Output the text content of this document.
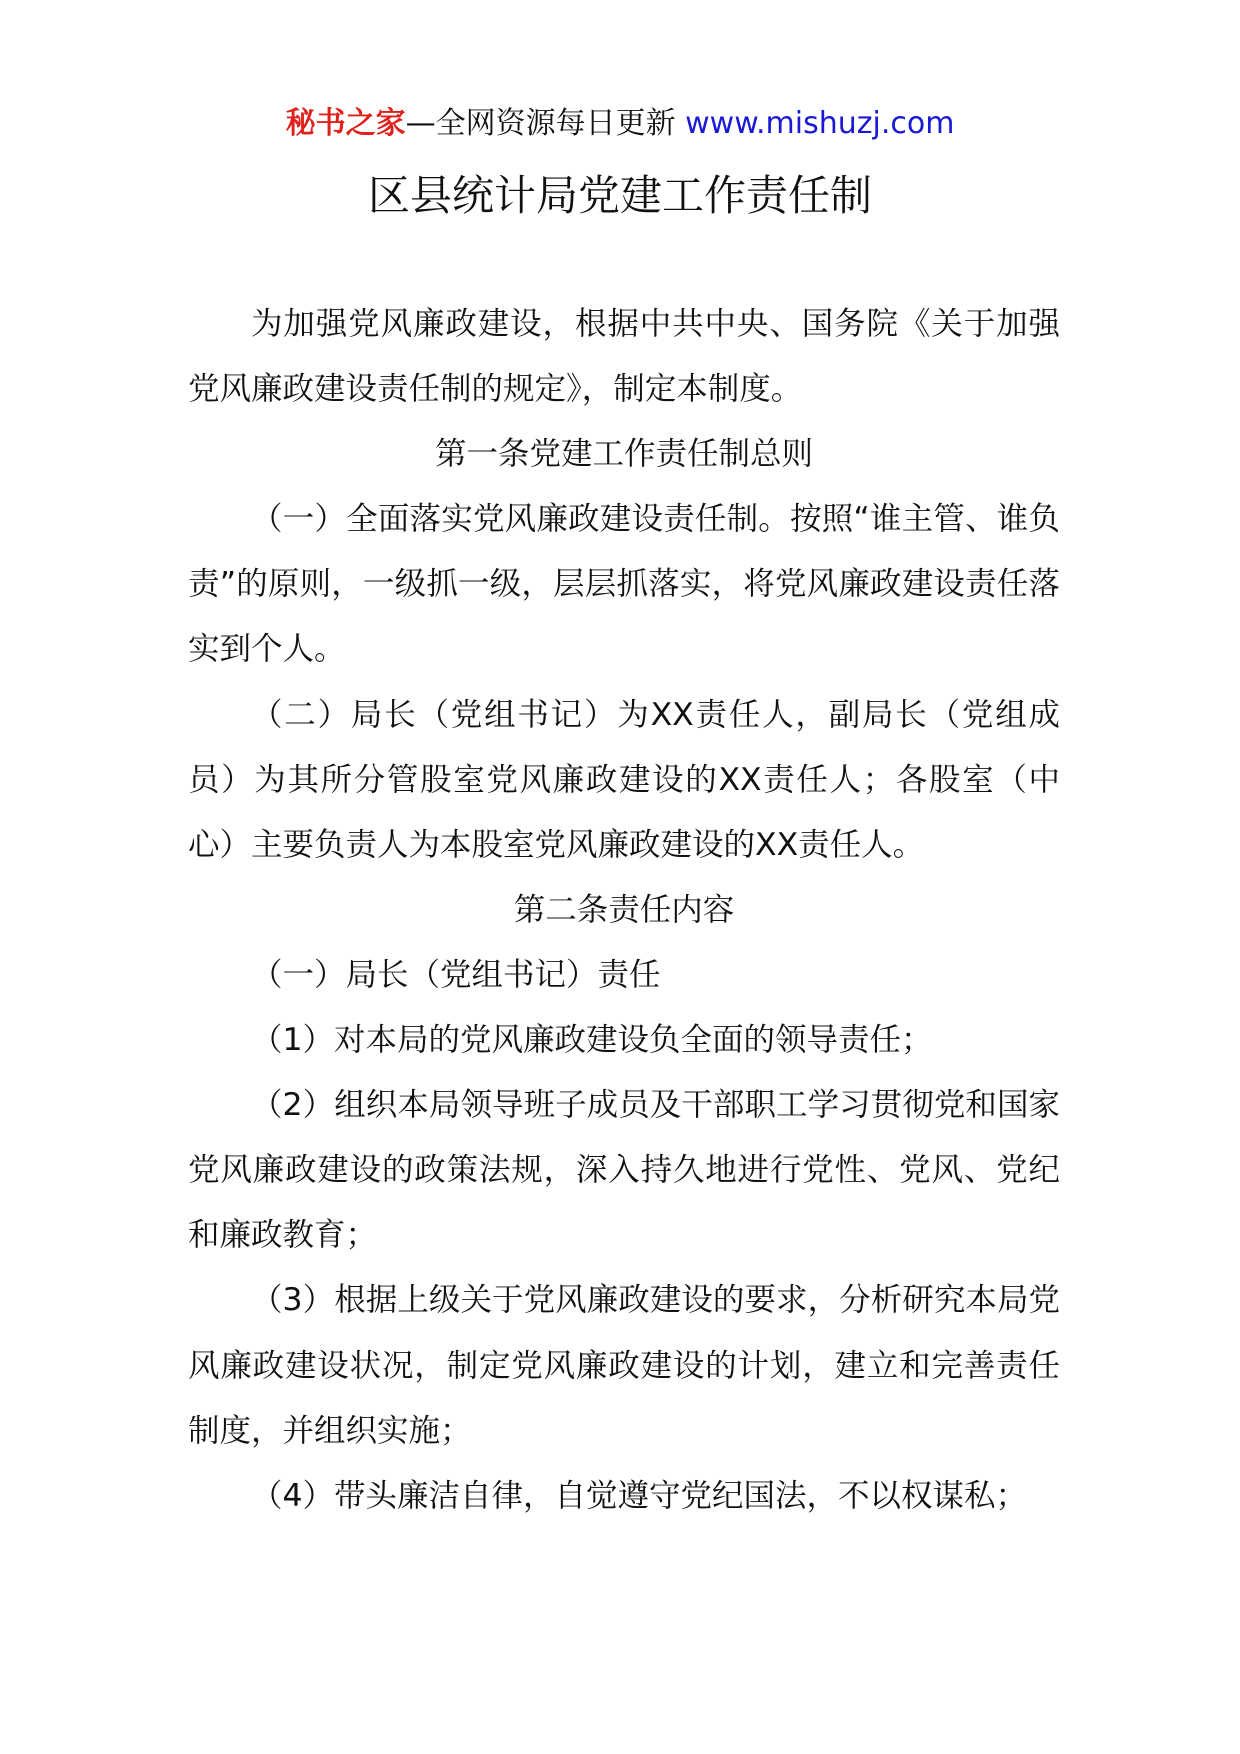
秘书之家—全网资源每日更新 www.mishuzj.com
区县统计局党建工作责任制

为加强党风廉政建设，根据中共中央、国务院《关于加强党风廉政建设责任制的规定》，制定本制度。

第一条党建工作责任制总则

（一）全面落实党风廉政建设责任制。按照“谁主管、谁负责”的原则，一级抓一级，层层抓落实，将党风廉政建设责任落实到个人。

（二）局长（党组书记）为XX责任人，副局长（党组成员）为其所分管股室党风廉政建设的XX责任人；各股室（中心）主要负责人为本股室党风廉政建设的XX责任人。

第二条责任内容

（一）局长（党组书记）责任

（1）对本局的党风廉政建设负全面的领导责任；

（2）组织本局领导班子成员及干部职工学习贯彻党和国家党风廉政建设的政策法规，深入持久地进行党性、党风、党纪和廉政教育；

（3）根据上级关于党风廉政建设的要求，分析研究本局党风廉政建设状况，制定党风廉政建设的计划，建立和完善责任制度，并组织实施；

（4）带头廉洁自律，自觉遵守党纪国法，不以权谋私；
